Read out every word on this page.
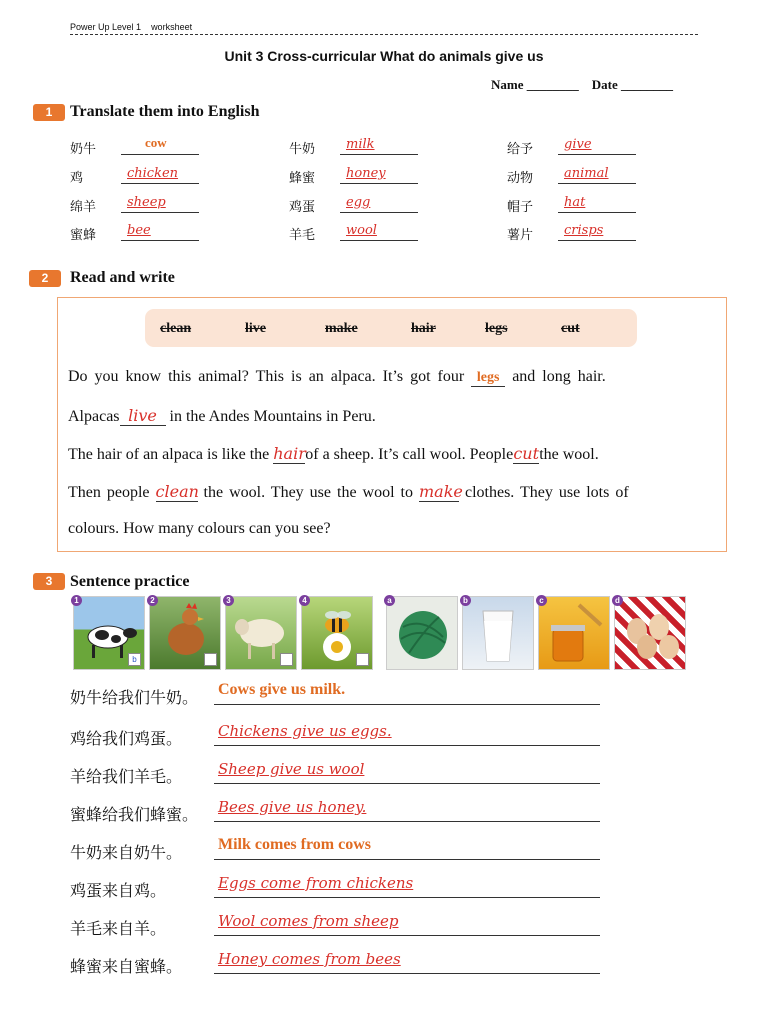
Power Up Level 1 worksheet
Unit 3 Cross-curricular What do animals give us
Name ________ Date ________
1	Translate them into English
奶牛	cow	牛奶 milk	给予 give
鸡	chicken	蜂蜜 honey	动物 animal
绵羊 sheep	鸡蛋 egg	帽子 hat
蜜蜂 bee	羊毛 wool	薯片 crisps
2	Read and write
clean	live	make	hair	legs	cut
Do you know this animal? This is an alpaca. It’s got four legs and long hair.
Alpacas live in the Andes Mountains in Peru.
The hair of an alpaca is like the hairof a sheep. It’s call wool. Peoplecutthe wool.
Then people clean the wool. They use the wool to make clothes. They use lots of
colours. How many colours can you see?
3	Sentence practice
1
b
2	3	4	a	b	c	d
奶牛给我们牛奶。 Cows give us milk.
鸡给我们鸡蛋。 Chickens give us eggs.
羊给我们羊毛。 Sheep give us wool
蜜蜂给我们蜂蜜。 Bees give us honey.
牛奶来自奶牛。 Milk comes from cows
鸡蛋来自鸡。	Eggs come from chickens
羊毛来自羊。	Wool comes from sheep
蜂蜜来自蜜蜂。 Honey comes from bees
